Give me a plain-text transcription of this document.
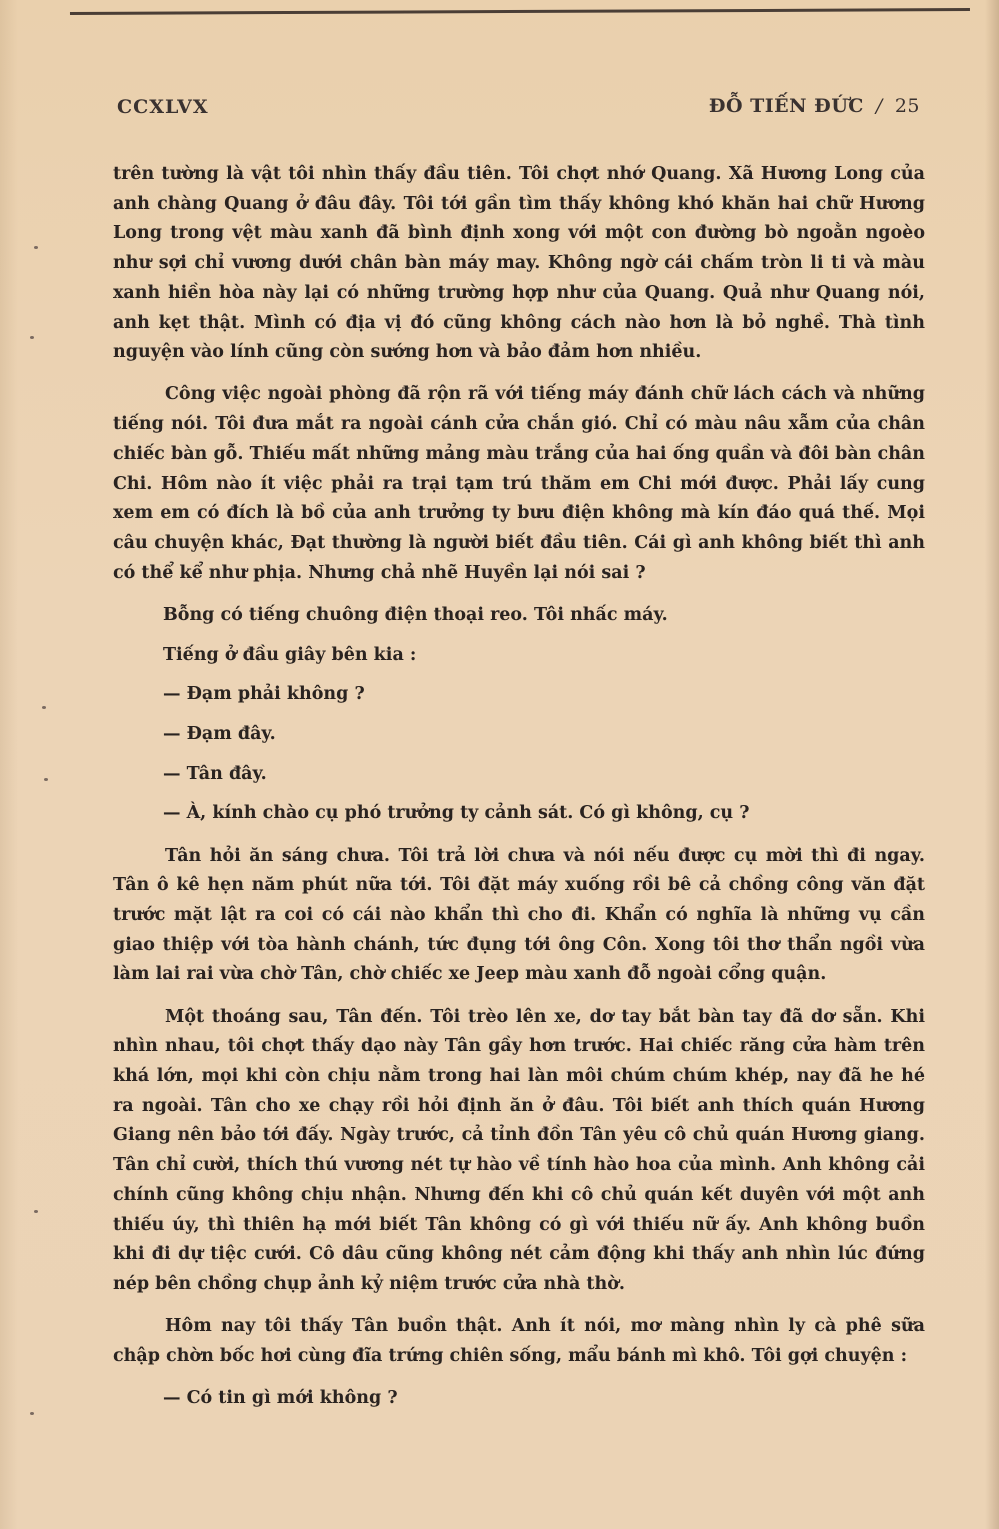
CCXLVX	ĐỖ TIẾN ĐỨC / 25

trên tường là vật tôi nhìn thấy đầu tiên. Tôi chợt nhớ Quang. Xã Hương Long của anh chàng Quang ở đâu đây. Tôi tới gần tìm thấy không khó khăn hai chữ Hương Long trong vệt màu xanh đã bình định xong với một con đường bò ngoằn ngoèo như sợi chỉ vương dưới chân bàn máy may. Không ngờ cái chấm tròn li ti và màu xanh hiền hòa này lại có những trường hợp như của Quang. Quả như Quang nói, anh kẹt thật. Mình có địa vị đó cũng không cách nào hơn là bỏ nghề. Thà tình nguyện vào lính cũng còn sướng hơn và bảo đảm hơn nhiều.

Công việc ngoài phòng đã rộn rã với tiếng máy đánh chữ lách cách và những tiếng nói. Tôi đưa mắt ra ngoài cánh cửa chắn gió. Chỉ có màu nâu xẫm của chân chiếc bàn gỗ. Thiếu mất những mảng màu trắng của hai ống quần và đôi bàn chân Chi. Hôm nào ít việc phải ra trại tạm trú thăm em Chi mới được. Phải lấy cung xem em có đích là bồ của anh trưởng ty bưu điện không mà kín đáo quá thế. Mọi câu chuyện khác, Đạt thường là người biết đầu tiên. Cái gì anh không biết thì anh có thể kể như phịa. Nhưng chả nhẽ Huyền lại nói sai ?

Bỗng có tiếng chuông điện thoại reo. Tôi nhấc máy.

Tiếng ở đầu giây bên kia :

— Đạm phải không ?

— Đạm đây.

— Tân đây.

— À, kính chào cụ phó trưởng ty cảnh sát. Có gì không, cụ ?

Tân hỏi ăn sáng chưa. Tôi trả lời chưa và nói nếu được cụ mời thì đi ngay. Tân ô kê hẹn năm phút nữa tới. Tôi đặt máy xuống rồi bê cả chồng công văn đặt trước mặt lật ra coi có cái nào khẩn thì cho đi. Khẩn có nghĩa là những vụ cần giao thiệp với tòa hành chánh, tức đụng tới ông Côn. Xong tôi thơ thẩn ngồi vừa làm lai rai vừa chờ Tân, chờ chiếc xe Jeep màu xanh đỗ ngoài cổng quận.

Một thoáng sau, Tân đến. Tôi trèo lên xe, dơ tay bắt bàn tay đã dơ sẵn. Khi nhìn nhau, tôi chợt thấy dạo này Tân gầy hơn trước. Hai chiếc răng cửa hàm trên khá lớn, mọi khi còn chịu nằm trong hai làn môi chúm chúm khép, nay đã he hé ra ngoài. Tân cho xe chạy rồi hỏi định ăn ở đâu. Tôi biết anh thích quán Hương Giang nên bảo tới đấy. Ngày trước, cả tỉnh đồn Tân yêu cô chủ quán Hương giang. Tân chỉ cười, thích thú vương nét tự hào về tính hào hoa của mình. Anh không cải chính cũng không chịu nhận. Nhưng đến khi cô chủ quán kết duyên với một anh thiếu úy, thì thiên hạ mới biết Tân không có gì với thiếu nữ ấy. Anh không buồn khi đi dự tiệc cưới. Cô dâu cũng không nét cảm động khi thấy anh nhìn lúc đứng nép bên chồng chụp ảnh kỷ niệm trước cửa nhà thờ.

Hôm nay tôi thấy Tân buồn thật. Anh ít nói, mơ màng nhìn ly cà phê sữa chập chờn bốc hơi cùng đĩa trứng chiên sống, mẩu bánh mì khô. Tôi gợi chuyện :

— Có tin gì mới không ?
